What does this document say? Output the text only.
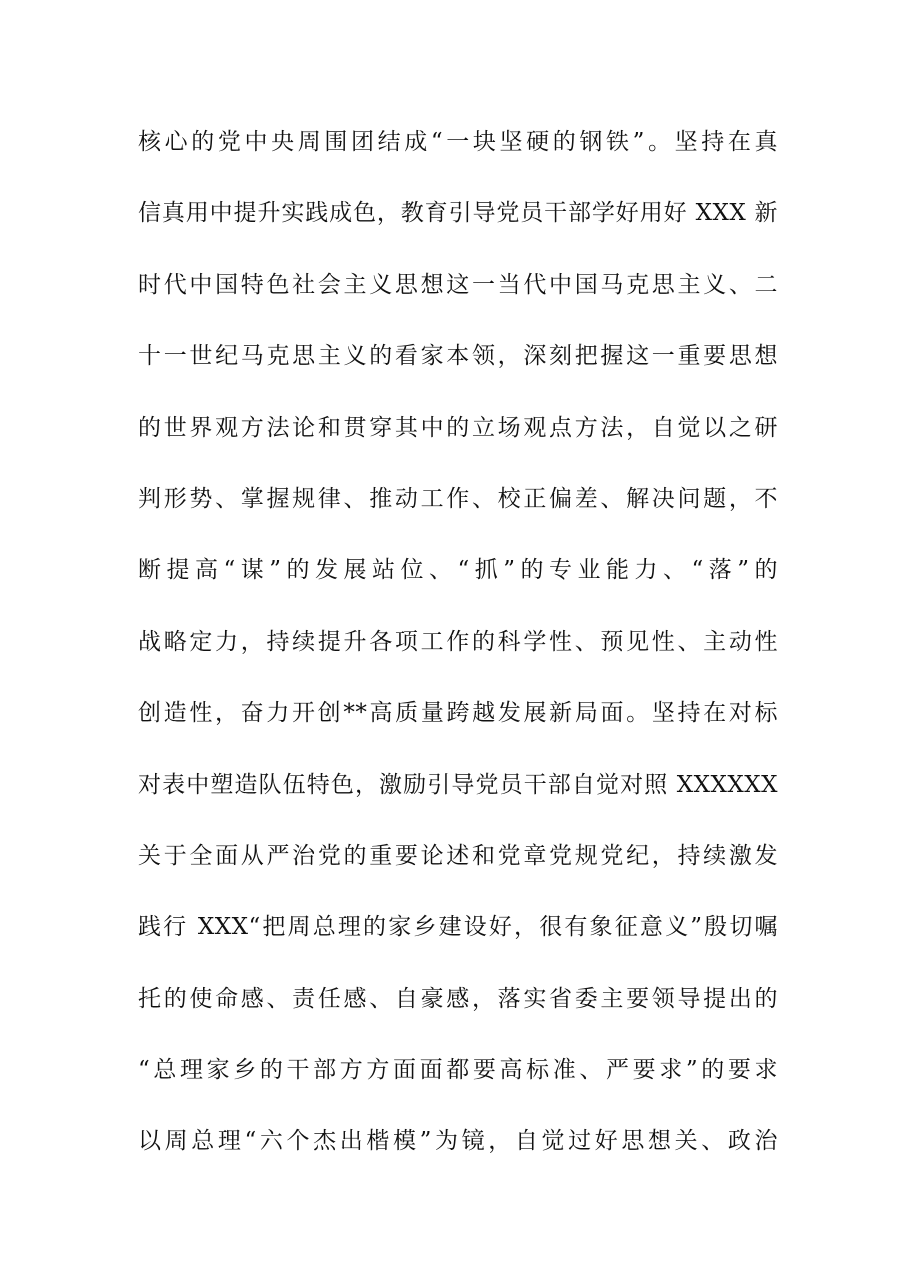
核心的党中央周围团结成“一块坚硬的钢铁”。坚持在真
信真用中提升实践成色，教育引导党员干部学好用好 XXX 新
时代中国特色社会主义思想这一当代中国马克思主义、二
十一世纪马克思主义的看家本领，深刻把握这一重要思想
的世界观方法论和贯穿其中的立场观点方法，自觉以之研
判形势、掌握规律、推动工作、校正偏差、解决问题，不
断提高“谋”的发展站位、“抓”的专业能力、“落”的
战略定力，持续提升各项工作的科学性、预见性、主动性
创造性，奋力开创**高质量跨越发展新局面。坚持在对标
对表中塑造队伍特色，激励引导党员干部自觉对照 XXXXXX
关于全面从严治党的重要论述和党章党规党纪，持续激发
践行 XXX“把周总理的家乡建设好，很有象征意义”殷切嘱
托的使命感、责任感、自豪感，落实省委主要领导提出的
“总理家乡的干部方方面面都要高标准、严要求”的要求
以周总理“六个杰出楷模”为镜，自觉过好思想关、政治
